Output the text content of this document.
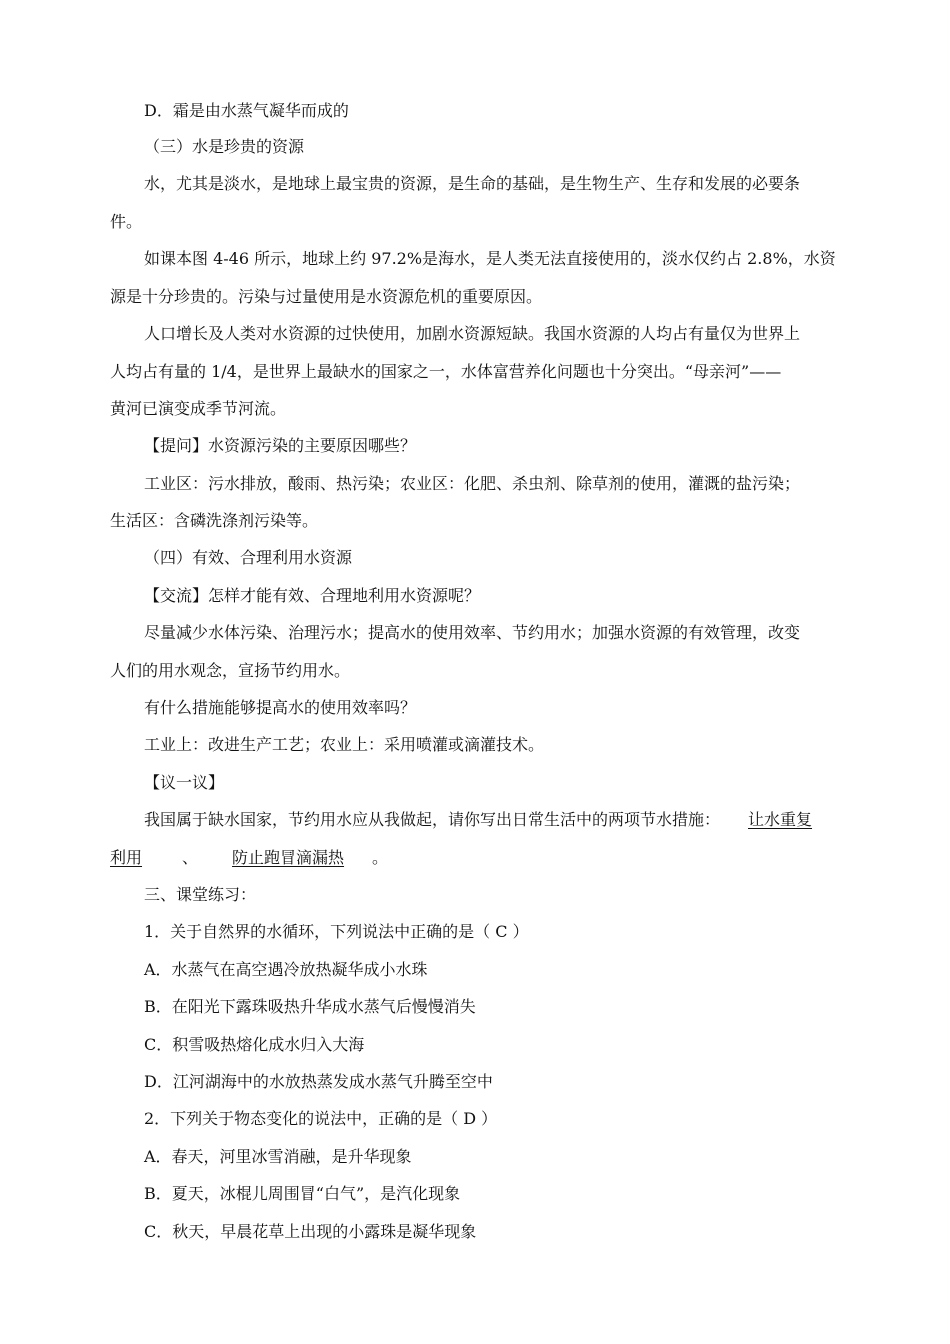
D．霜是由水蒸气凝华而成的
（三）水是珍贵的资源
水，尤其是淡水，是地球上最宝贵的资源，是生命的基础，是生物生产、生存和发展的必要条
件。
如课本图 4-46 所示，地球上约 97.2%是海水，是人类无法直接使用的，淡水仅约占 2.8%，水资
源是十分珍贵的。污染与过量使用是水资源危机的重要原因。
人口增长及人类对水资源的过快使用，加剧水资源短缺。我国水资源的人均占有量仅为世界上
人均占有量的 1/4，是世界上最缺水的国家之一，水体富营养化问题也十分突出。“母亲河”——
黄河已演变成季节河流。
【提问】水资源污染的主要原因哪些？
工业区：污水排放，酸雨、热污染；农业区：化肥、杀虫剂、除草剂的使用，灌溉的盐污染；
生活区：含磷洗涤剂污染等。
（四）有效、合理利用水资源
【交流】怎样才能有效、合理地利用水资源呢？
尽量减少水体污染、治理污水；提高水的使用效率、节约用水；加强水资源的有效管理，改变
人们的用水观念，宣扬节约用水。
有什么措施能够提高水的使用效率吗？
工业上：改进生产工艺；农业上：采用喷灌或滴灌技术。
【议一议】
我国属于缺水国家，节约用水应从我做起，请你写出日常生活中的两项节水措施： 让水重复
利用	、 防止跑冒滴漏热 。
三、课堂练习：
1．关于自然界的水循环，下列说法中正确的是（ C ）
A．水蒸气在高空遇冷放热凝华成小水珠
B．在阳光下露珠吸热升华成水蒸气后慢慢消失
C．积雪吸热熔化成水归入大海
D．江河湖海中的水放热蒸发成水蒸气升腾至空中
2．下列关于物态变化的说法中，正确的是（ D ）
A．春天，河里冰雪消融，是升华现象
B．夏天，冰棍儿周围冒“白气”，是汽化现象
C．秋天，早晨花草上出现的小露珠是凝华现象
